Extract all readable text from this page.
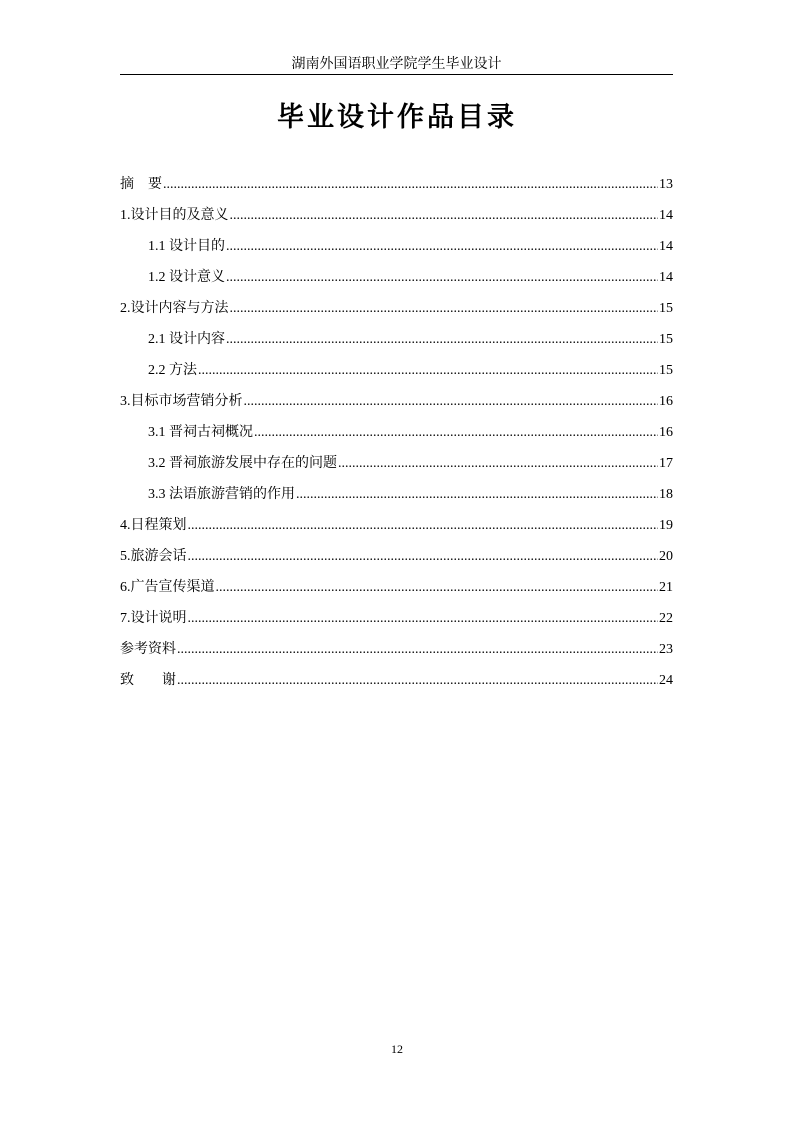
湖南外国语职业学院学生毕业设计
毕业设计作品目录
摘　要 .....	13
1.设计目的及意义 .....	14
1.1 设计目的 .....	14
1.2 设计意义 .....	14
2.设计内容与方法 .....	15
2.1 设计内容 .....	15
2.2 方法 .....	15
3.目标市场营销分析 .....	16
3.1 晋祠古祠概况 .....	16
3.2 晋祠旅游发展中存在的问题 .....	17
3.3 法语旅游营销的作用 .....	18
4.日程策划 .....	19
5.旅游会话 .....	20
6.广告宣传渠道 .....	21
7.设计说明 .....	22
参考资料 .....	23
致　　谢 .....	24
12
